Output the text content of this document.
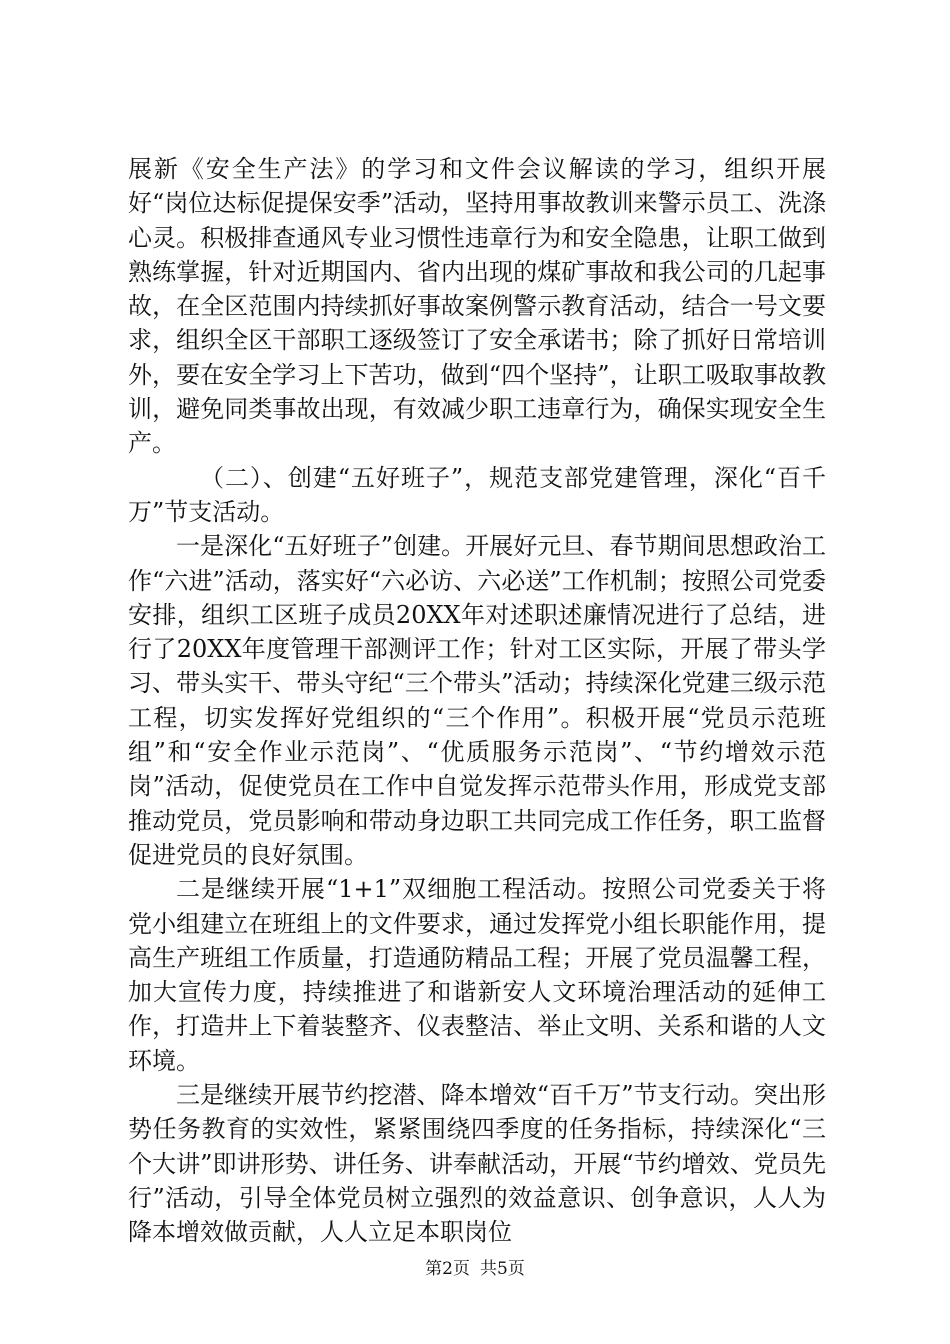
展新《安全生产法》的学习和文件会议解读的学习，组织开展好“岗位达标促提保安季”活动，坚持用事故教训来警示员工、洗涤心灵。积极排查通风专业习惯性违章行为和安全隐患，让职工做到熟练掌握，针对近期国内、省内出现的煤矿事故和我公司的几起事故，在全区范围内持续抓好事故案例警示教育活动，结合一号文要求，组织全区干部职工逐级签订了安全承诺书；除了抓好日常培训外，要在安全学习上下苦功，做到“四个坚持”，让职工吸取事故教训，避免同类事故出现，有效减少职工违章行为，确保实现安全生产。

（二）、创建“五好班子”，规范支部党建管理，深化“百千万”节支活动。

一是深化“五好班子”创建。开展好元旦、春节期间思想政治工作“六进”活动，落实好“六必访、六必送”工作机制；按照公司党委安排，组织工区班子成员20XX年对述职述廉情况进行了总结，进行了20XX年度管理干部测评工作；针对工区实际，开展了带头学习、带头实干、带头守纪“三个带头”活动；持续深化党建三级示范工程，切实发挥好党组织的“三个作用”。积极开展“党员示范班组”和“安全作业示范岗”、“优质服务示范岗”、“节约增效示范岗”活动，促使党员在工作中自觉发挥示范带头作用，形成党支部推动党员，党员影响和带动身边职工共同完成工作任务，职工监督促进党员的良好氛围。

二是继续开展“1+1”双细胞工程活动。按照公司党委关于将党小组建立在班组上的文件要求，通过发挥党小组长职能作用，提高生产班组工作质量，打造通防精品工程；开展了党员温馨工程，加大宣传力度，持续推进了和谐新安人文环境治理活动的延伸工作，打造井上下着装整齐、仪表整洁、举止文明、关系和谐的人文环境。

三是继续开展节约挖潜、降本增效“百千万”节支行动。突出形势任务教育的实效性，紧紧围绕四季度的任务指标，持续深化“三个大讲”即讲形势、讲任务、讲奉献活动，开展“节约增效、党员先行”活动，引导全体党员树立强烈的效益意识、创争意识，人人为降本增效做贡献，人人立足本职岗位

第2页 共5页
